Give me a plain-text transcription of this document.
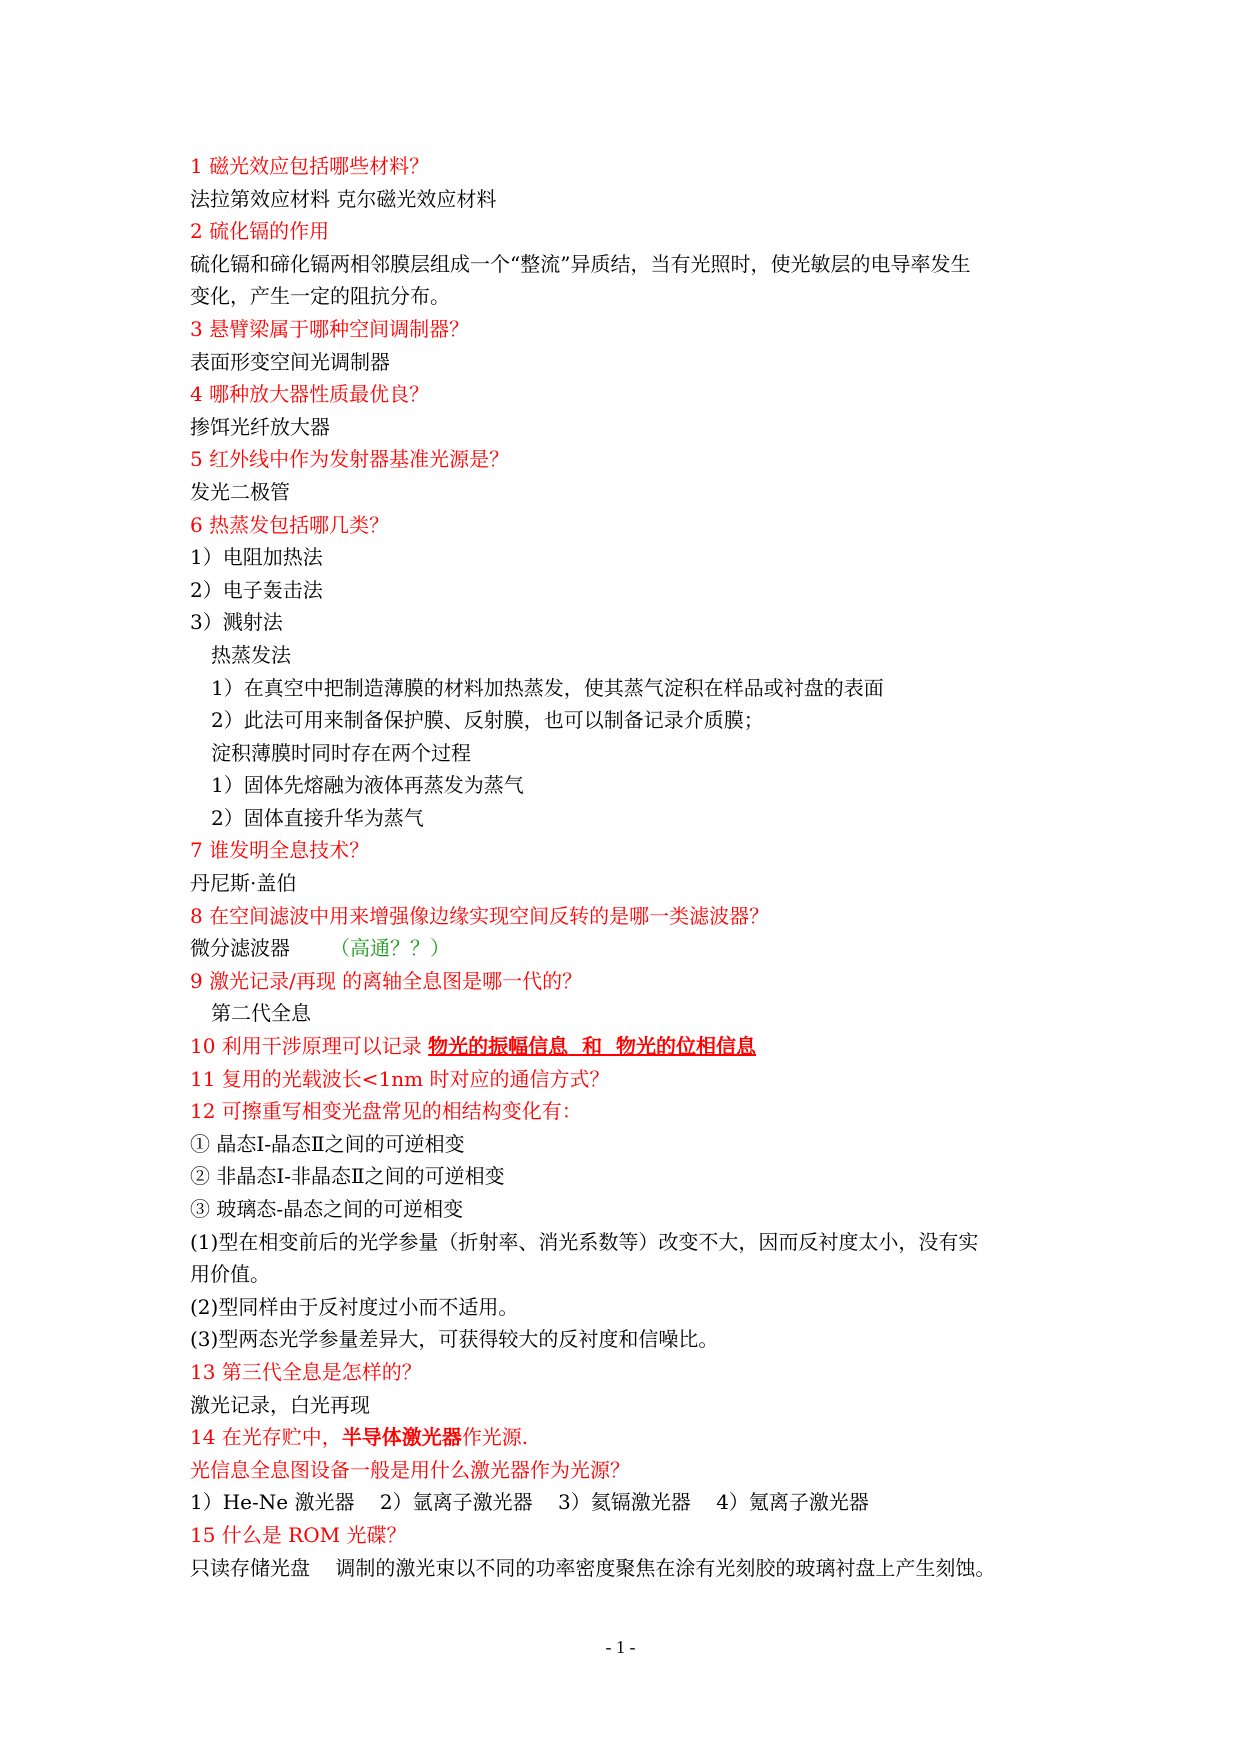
1 磁光效应包括哪些材料？
法拉第效应材料 克尔磁光效应材料
2 硫化镉的作用
硫化镉和碲化镉两相邻膜层组成一个“整流”异质结，当有光照时，使光敏层的电导率发生
变化，产生一定的阻抗分布。
3 悬臂梁属于哪种空间调制器？
表面形变空间光调制器
4 哪种放大器性质最优良？
掺饵光纤放大器
5 红外线中作为发射器基准光源是？
发光二极管
6 热蒸发包括哪几类？
1）电阻加热法
2）电子轰击法
3）溅射法
热蒸发法
1）在真空中把制造薄膜的材料加热蒸发，使其蒸气淀积在样品或衬盘的表面
2）此法可用来制备保护膜、反射膜，也可以制备记录介质膜；
淀积薄膜时同时存在两个过程
1）固体先熔融为液体再蒸发为蒸气
2）固体直接升华为蒸气
7 谁发明全息技术？
丹尼斯·盖伯
8 在空间滤波中用来增强像边缘实现空间反转的是哪一类滤波器？
微分滤波器 （高通？？）
9 激光记录/再现 的离轴全息图是哪一代的？
第二代全息
10 利用干涉原理可以记录 物光的振幅信息  和  物光的位相信息
11 复用的光载波长<1nm 时对应的通信方式？
12 可擦重写相变光盘常见的相结构变化有：
① 晶态Ⅰ-晶态Ⅱ之间的可逆相变
② 非晶态Ⅰ-非晶态Ⅱ之间的可逆相变
③ 玻璃态-晶态之间的可逆相变
(1)型在相变前后的光学参量（折射率、消光系数等）改变不大，因而反衬度太小，没有实
用价值。
(2)型同样由于反衬度过小而不适用。
(3)型两态光学参量差异大，可获得较大的反衬度和信噪比。
13 第三代全息是怎样的？
激光记录，白光再现
14 在光存贮中，半导体激光器作光源.
光信息全息图设备一般是用什么激光器作为光源？
1）He-Ne 激光器    2）氩离子激光器    3）氦镉激光器    4）氪离子激光器
15 什么是 ROM 光碟？
只读存储光盘    调制的激光束以不同的功率密度聚焦在涂有光刻胶的玻璃衬盘上产生刻蚀。
- 1 -
